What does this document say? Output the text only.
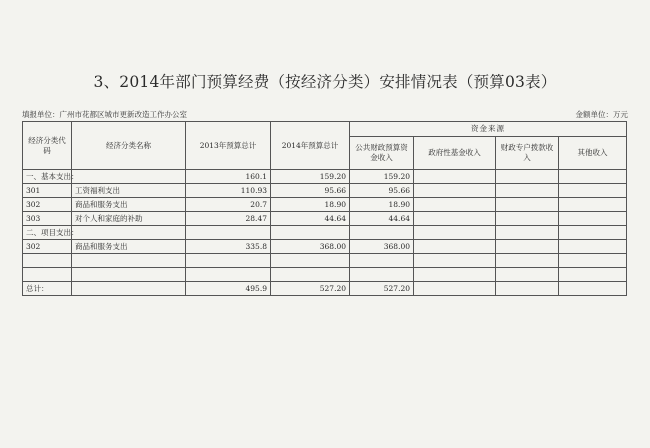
3、2014年部门预算经费（按经济分类）安排情况表（预算03表）
填报单位：广州市花都区城市更新改造工作办公室	金额单位：万元
经济分类代码	经济分类名称	2013年预算总计	2014年预算总计	资金来源			
				公共财政预算资金收入	政府性基金收入	财政专户拨款收入	其他收入
一、基本支出：		160.1	159.20	159.20			
301	工资福利支出	110.93	95.66	95.66			
302	商品和服务支出	20.7	18.90	18.90			
303	对个人和家庭的补助	28.47	44.64	44.64			
二、项目支出：							
302	商品和服务支出	335.8	368.00	368.00			

总计：		495.9	527.20	527.20			
